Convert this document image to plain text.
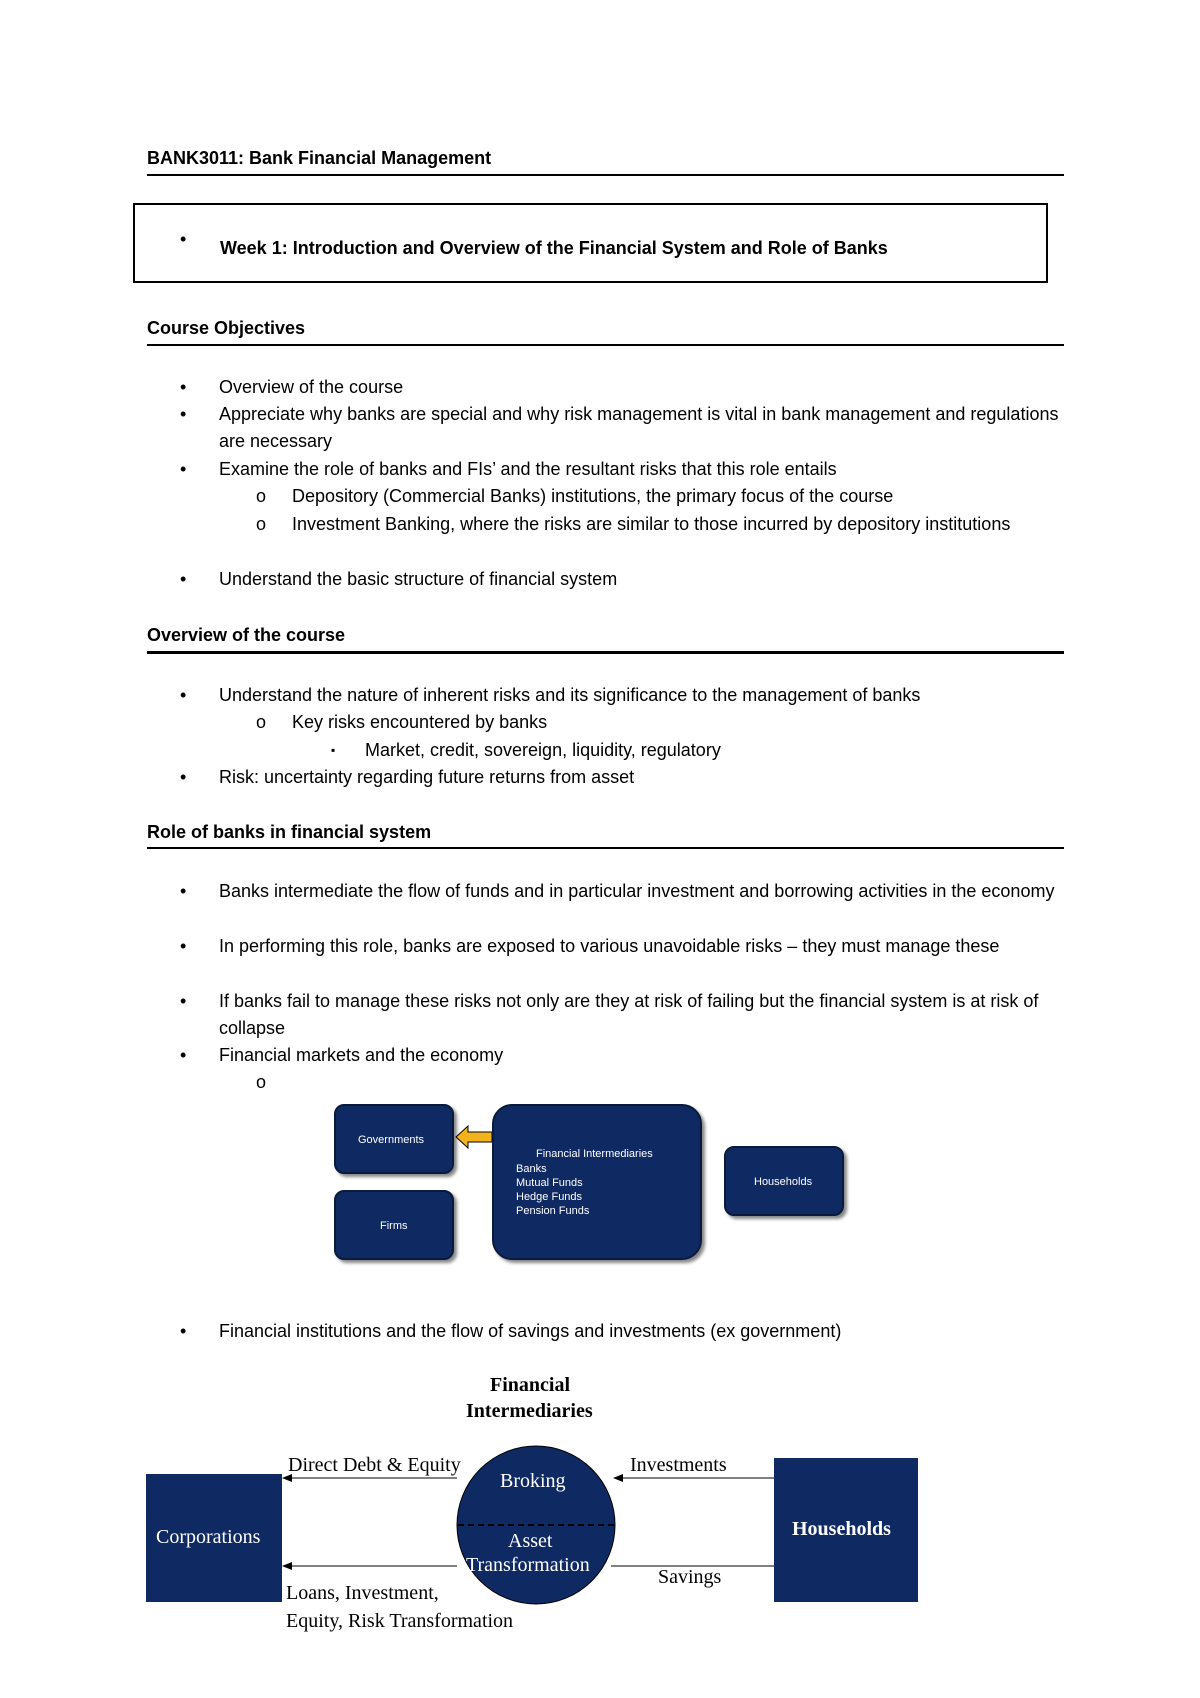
BANK3011: Bank Financial Management
• Week 1: Introduction and Overview of the Financial System and Role of Banks
Course Objectives
• Overview of the course
• Appreciate why banks are special and why risk management is vital in bank management and regulations are necessary
• Examine the role of banks and FIs’ and the resultant risks that this role entails
o Depository (Commercial Banks) institutions, the primary focus of the course
o Investment Banking, where the risks are similar to those incurred by depository institutions
• Understand the basic structure of financial system
Overview of the course
• Understand the nature of inherent risks and its significance to the management of banks
o Key risks encountered by banks
▪ Market, credit, sovereign, liquidity, regulatory
• Risk: uncertainty regarding future returns from asset
Role of banks in financial system
• Banks intermediate the flow of funds and in particular investment and borrowing activities in the economy
• In performing this role, banks are exposed to various unavoidable risks – they must manage these
• If banks fail to manage these risks not only are they at risk of failing but the financial system is at risk of collapse
• Financial markets and the economy
o
Governments
Firms
Financial Intermediaries
Banks
Mutual Funds
Hedge Funds
Pension Funds
Households
• Financial institutions and the flow of savings and investments (ex government)
Financial
Intermediaries
Corporations	Households
Broking
Asset
Transformation
Direct Debt & Equity	Investments
Savings
Loans, Investment,
Equity, Risk Transformation
